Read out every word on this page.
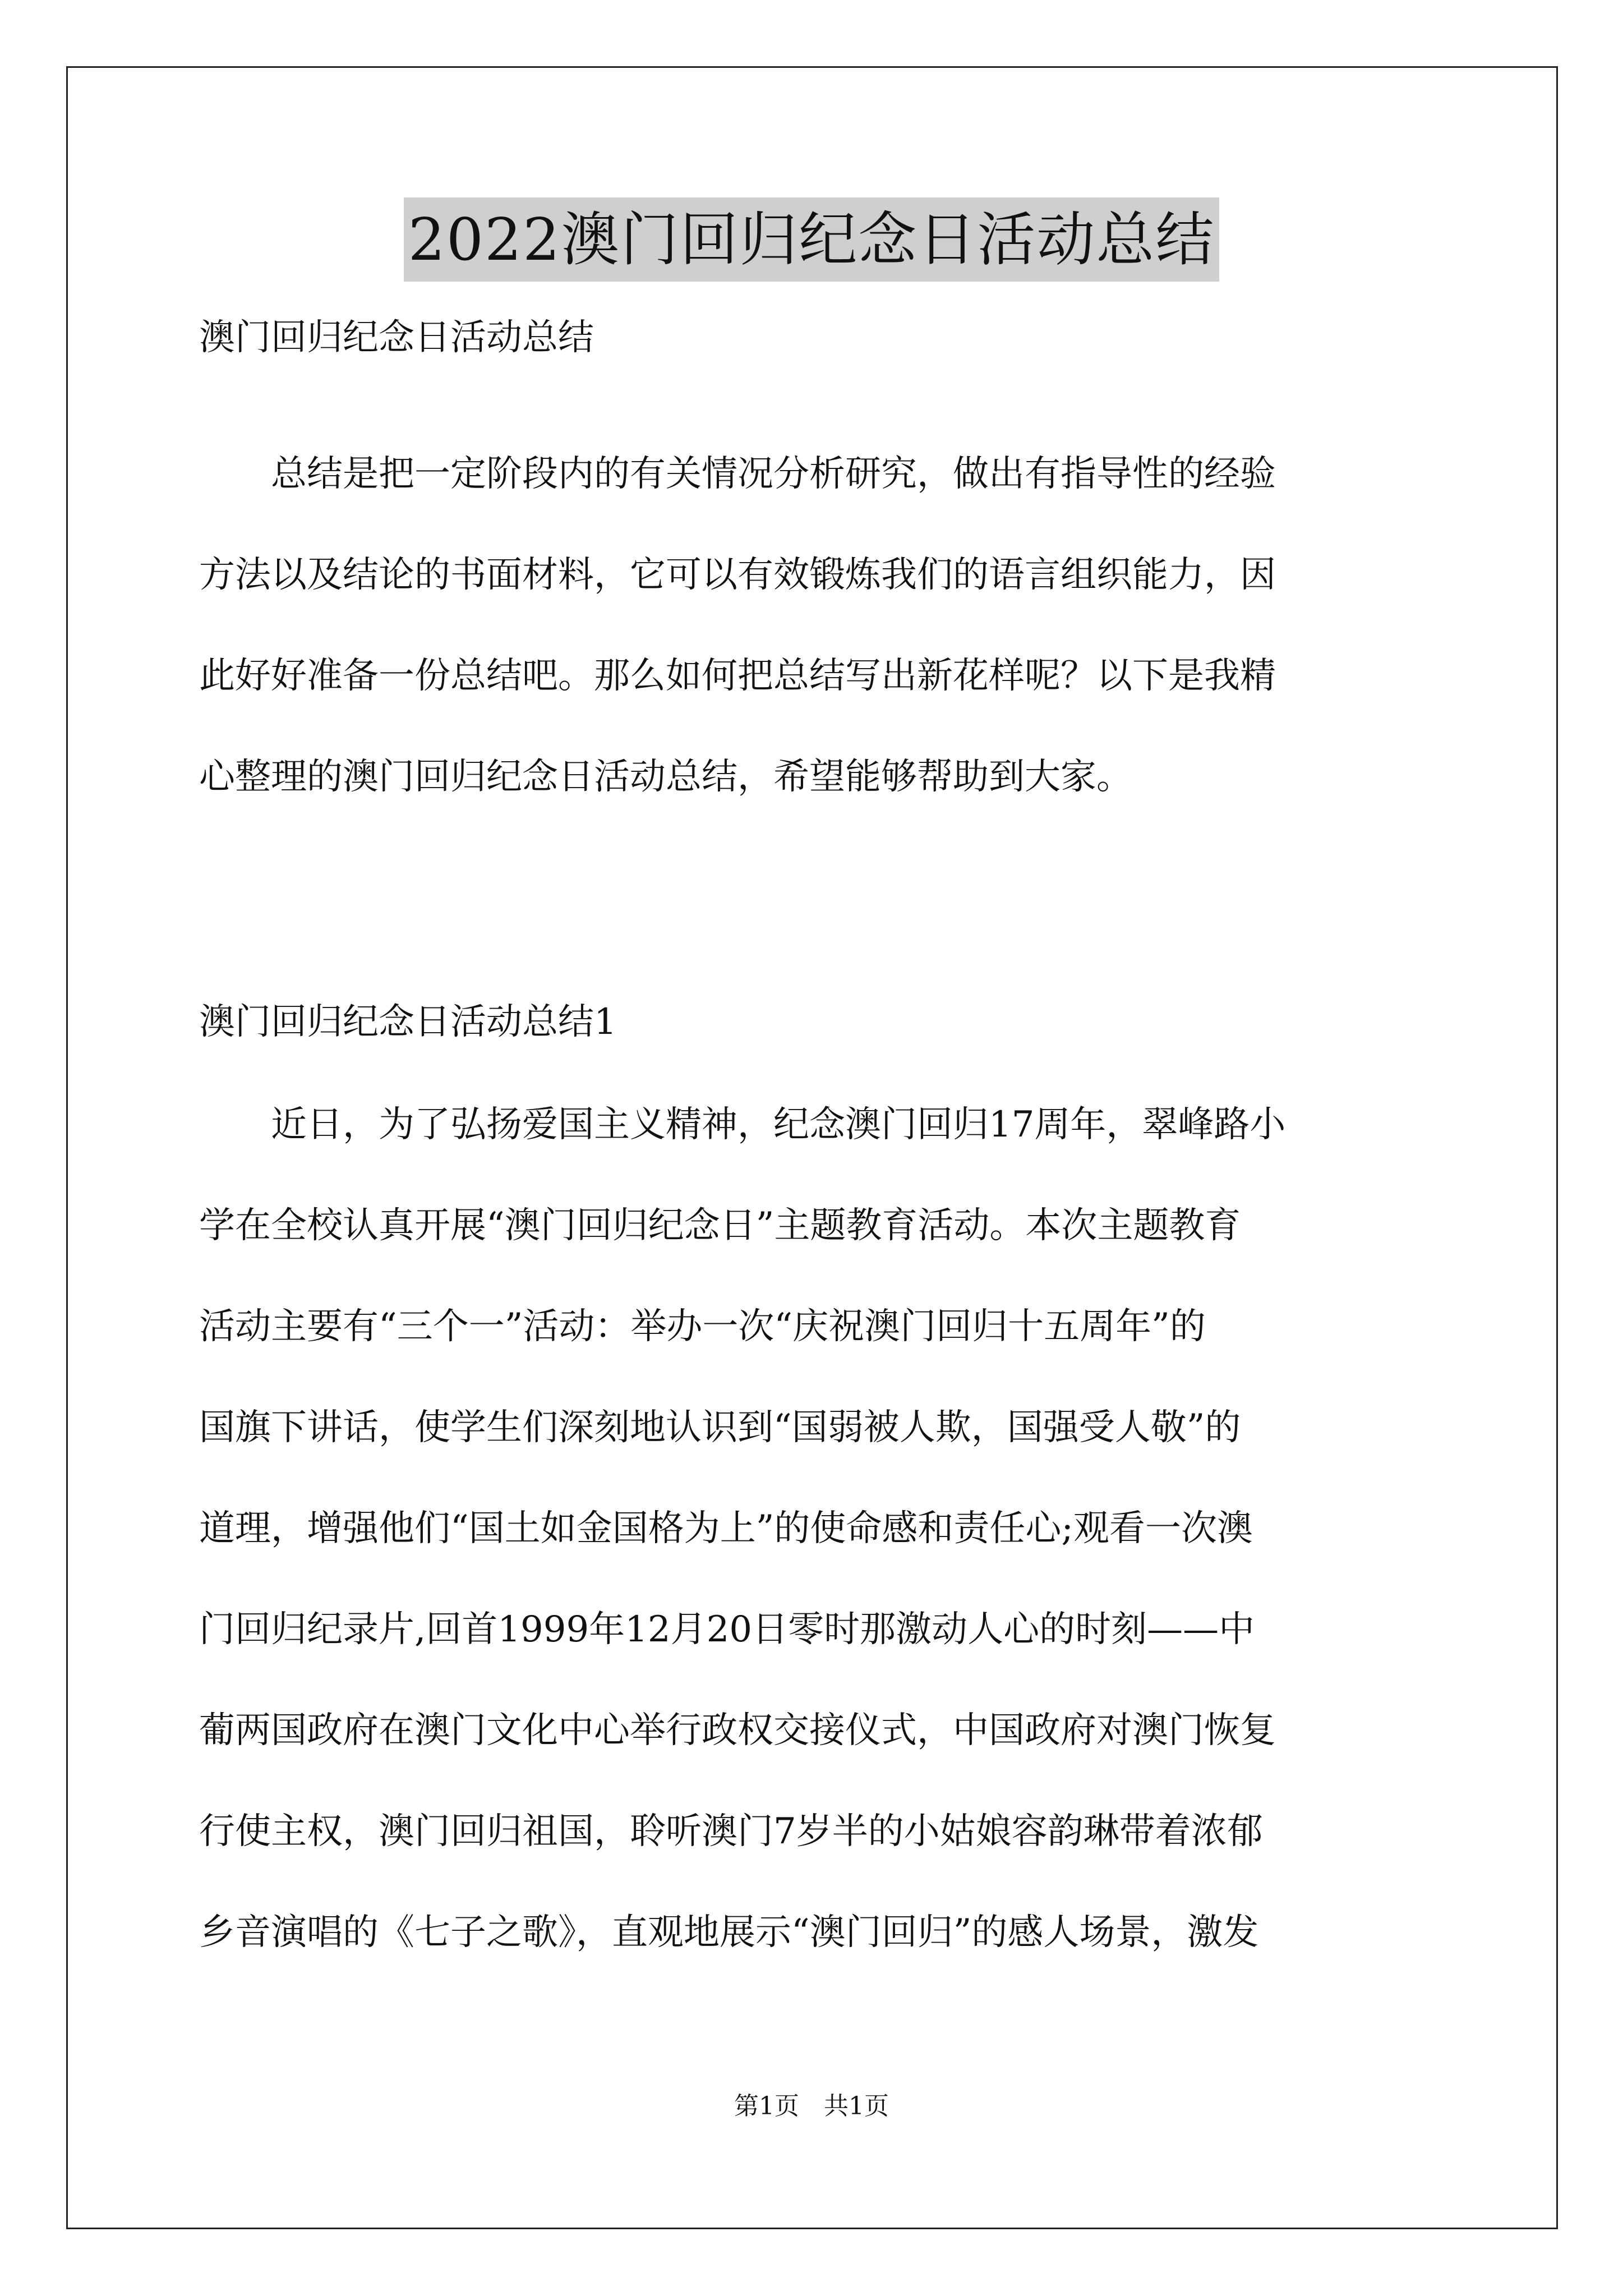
2022澳门回归纪念日活动总结
澳门回归纪念日活动总结
　　总结是把一定阶段内的有关情况分析研究，做出有指导性的经验
方法以及结论的书面材料，它可以有效锻炼我们的语言组织能力，因
此好好准备一份总结吧。那么如何把总结写出新花样呢？以下是我精
心整理的澳门回归纪念日活动总结，希望能够帮助到大家。
澳门回归纪念日活动总结1
　　近日，为了弘扬爱国主义精神，纪念澳门回归17周年，翠峰路小
学在全校认真开展“澳门回归纪念日”主题教育活动。本次主题教育
活动主要有“三个一”活动：举办一次“庆祝澳门回归十五周年”的
国旗下讲话，使学生们深刻地认识到“国弱被人欺，国强受人敬”的
道理，增强他们“国土如金国格为上”的使命感和责任心;观看一次澳
门回归纪录片,回首1999年12月20日零时那激动人心的时刻——中
葡两国政府在澳门文化中心举行政权交接仪式，中国政府对澳门恢复
行使主权，澳门回归祖国，聆听澳门7岁半的小姑娘容韵琳带着浓郁
乡音演唱的《七子之歌》，直观地展示“澳门回归”的感人场景，激发
第1页　共1页
